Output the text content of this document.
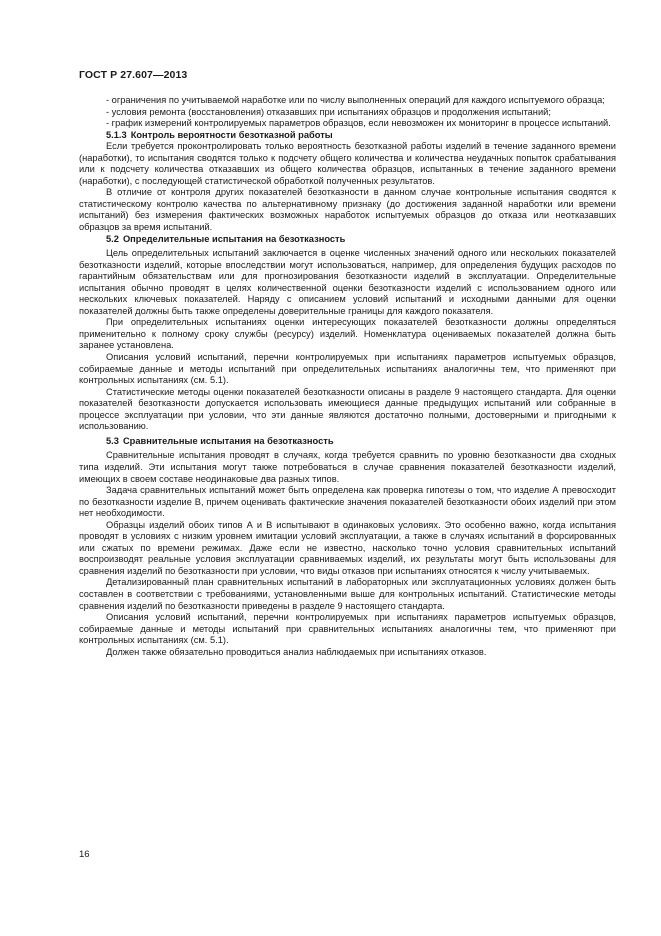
ГОСТ Р 27.607—2013

- ограничения по учитываемой наработке или по числу выполненных операций для каждого испытуемого образца;

- условия ремонта (восстановления) отказавших при испытаниях образцов и продолжения испытаний;

- график измерений контролируемых параметров образцов, если невозможен их мониторинг в процессе испытаний.

5.1.3 Контроль вероятности безотказной работы

Если требуется проконтролировать только вероятность безотказной работы изделий в течение заданного времени (наработки), то испытания сводятся только к подсчету общего количества и количества неудачных попыток срабатывания или к подсчету количества отказавших из общего количества образцов, испытанных в течение заданного времени (наработки), с последующей статистической обработкой полученных результатов.

В отличие от контроля других показателей безотказности в данном случае контрольные испытания сводятся к статистическому контролю качества по альтернативному признаку (до достижения заданной наработки или времени испытаний) без измерения фактических возможных наработок испытуемых образцов до отказа или неотказавших образцов за время испытаний.

5.2 Определительные испытания на безотказность

Цель определительных испытаний заключается в оценке численных значений одного или нескольких показателей безотказности изделий, которые впоследствии могут использоваться, например, для определения будущих расходов по гарантийным обязательствам или для прогнозирования безотказности изделий в эксплуатации. Определительные испытания обычно проводят в целях количественной оценки безотказности изделий с использованием одного или нескольких ключевых показателей. Наряду с описанием условий испытаний и исходными данными для оценки показателей должны быть также определены доверительные границы для каждого показателя.

При определительных испытаниях оценки интересующих показателей безотказности должны определяться применительно к полному сроку службы (ресурсу) изделий. Номенклатура оцениваемых показателей должна быть заранее установлена.

Описания условий испытаний, перечни контролируемых при испытаниях параметров испытуемых образцов, собираемые данные и методы испытаний при определительных испытаниях аналогичны тем, что применяют при контрольных испытаниях (см. 5.1).

Статистические методы оценки показателей безотказности описаны в разделе 9 настоящего стандарта. Для оценки показателей безотказности допускается использовать имеющиеся данные предыдущих испытаний или собранные в процессе эксплуатации при условии, что эти данные являются достаточно полными, достоверными и пригодными к использованию.

5.3 Сравнительные испытания на безотказность

Сравнительные испытания проводят в случаях, когда требуется сравнить по уровню безотказности два сходных типа изделий. Эти испытания могут также потребоваться в случае сравнения показателей безотказности изделий, имеющих в своем составе неодинаковые два разных типов.

Задача сравнительных испытаний может быть определена как проверка гипотезы о том, что изделие А превосходит по безотказности изделие В, причем оценивать фактические значения показателей безотказности обоих изделий при этом нет необходимости.

Образцы изделий обоих типов А и В испытывают в одинаковых условиях. Это особенно важно, когда испытания проводят в условиях с низким уровнем имитации условий эксплуатации, а также в случаях испытаний в форсированных или сжатых по времени режимах. Даже если не известно, насколько точно условия сравнительных испытаний воспроизводят реальные условия эксплуатации сравниваемых изделий, их результаты могут быть использованы для сравнения изделий по безотказности при условии, что виды отказов при испытаниях относятся к числу учитываемых.

Детализированный план сравнительных испытаний в лабораторных или эксплуатационных условиях должен быть составлен в соответствии с требованиями, установленными выше для контрольных испытаний. Статистические методы сравнения изделий по безотказности приведены в разделе 9 настоящего стандарта.

Описания условий испытаний, перечни контролируемых при испытаниях параметров испытуемых образцов, собираемые данные и методы испытаний при сравнительных испытаниях аналогичны тем, что применяют при контрольных испытаниях (см. 5.1).

Должен также обязательно проводиться анализ наблюдаемых при испытаниях отказов.

16
